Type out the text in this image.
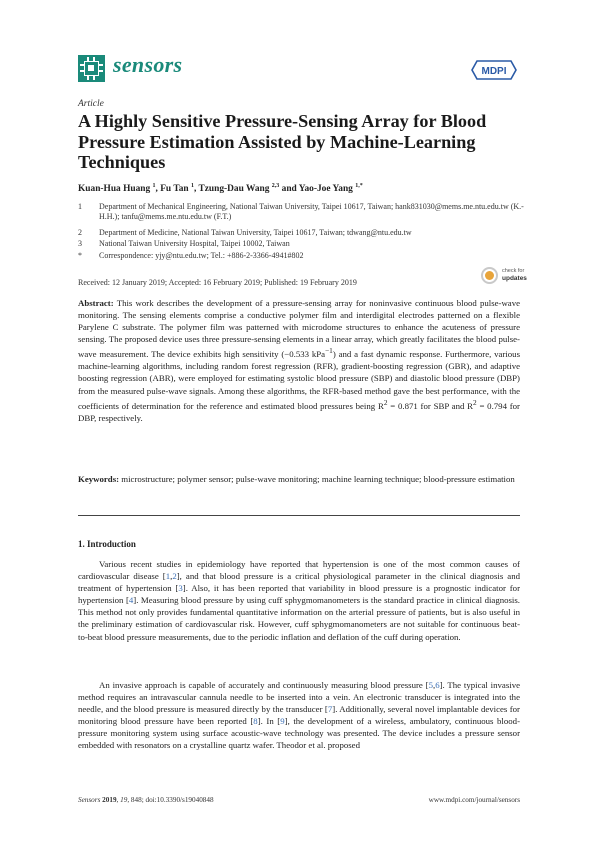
sensors	MDPI
Article
A Highly Sensitive Pressure-Sensing Array for Blood Pressure Estimation Assisted by Machine-Learning Techniques
Kuan-Hua Huang $^1$, Fu Tan $^1$, Tzung-Dau Wang $^{2,3}$ and Yao-Joe Yang $^{1,*}$
1	Department of Mechanical Engineering, National Taiwan University, Taipei 10617, Taiwan; hank831030@mems.me.ntu.edu.tw (K.-H.H.); tanfu@mems.me.ntu.edu.tw (F.T.)
2	Department of Medicine, National Taiwan University, Taipei 10617, Taiwan; tdwang@ntu.edu.tw
3	National Taiwan University Hospital, Taipei 10002, Taiwan
*	Correspondence: yjy@ntu.edu.tw; Tel.: +886-2-3366-4941#802
Received: 12 January 2019; Accepted: 16 February 2019; Published: 19 February 2019
check for
updates
Abstract: This work describes the development of a pressure-sensing array for noninvasive continuous blood pulse-wave monitoring. The sensing elements comprise a conductive polymer film and interdigital electrodes patterned on a flexible Parylene C substrate. The polymer film was patterned with microdome structures to enhance the acuteness of pressure sensing. The proposed device uses three pressure-sensing elements in a linear array, which greatly facilitates the blood pulse-wave measurement. The device exhibits high sensitivity (−0.533 kPa$^{-1}$) and a fast dynamic response. Furthermore, various machine-learning algorithms, including random forest regression (RFR), gradient-boosting regression (GBR), and adaptive boosting regression (ABR), were employed for estimating systolic blood pressure (SBP) and diastolic blood pressure (DBP) from the measured pulse-wave signals. Among these algorithms, the RFR-based method gave the best performance, with the coefficients of determination for the reference and estimated blood pressures being $R^2 = 0.871$ for SBP and $R^2 = 0.794$ for DBP, respectively.
Keywords: microstructure; polymer sensor; pulse-wave monitoring; machine learning technique; blood-pressure estimation
1. Introduction
Various recent studies in epidemiology have reported that hypertension is one of the most common causes of cardiovascular disease [1,2], and that blood pressure is a critical physiological parameter in the clinical diagnosis and treatment of hypertension [3]. Also, it has been reported that variability in blood pressure is a prognostic indicator for hypertension [4]. Measuring blood pressure by using cuff sphygmomanometers is the standard practice in clinical diagnosis. This method not only provides fundamental quantitative information on the arterial pressure of patients, but is also useful in the preliminary estimation of cardiovascular risk. However, cuff sphygmomanometers are not suitable for continuous beat-to-beat blood pressure measurements, due to the periodic inflation and deflation of the cuff during operation.
An invasive approach is capable of accurately and continuously measuring blood pressure [5,6]. The typical invasive method requires an intravascular cannula needle to be inserted into a vein. An electronic transducer is integrated into the needle, and the blood pressure is measured directly by the transducer [7]. Additionally, several novel implantable devices for monitoring blood pressure have been reported [8]. In [9], the development of a wireless, ambulatory, continuous blood-pressure monitoring system using surface acoustic-wave technology was presented. The device includes a pressure sensor embedded with resonators on a crystalline quartz wafer. Theodor et al. proposed
Sensors 2019, 19, 848; doi:10.3390/s19040848	www.mdpi.com/journal/sensors
